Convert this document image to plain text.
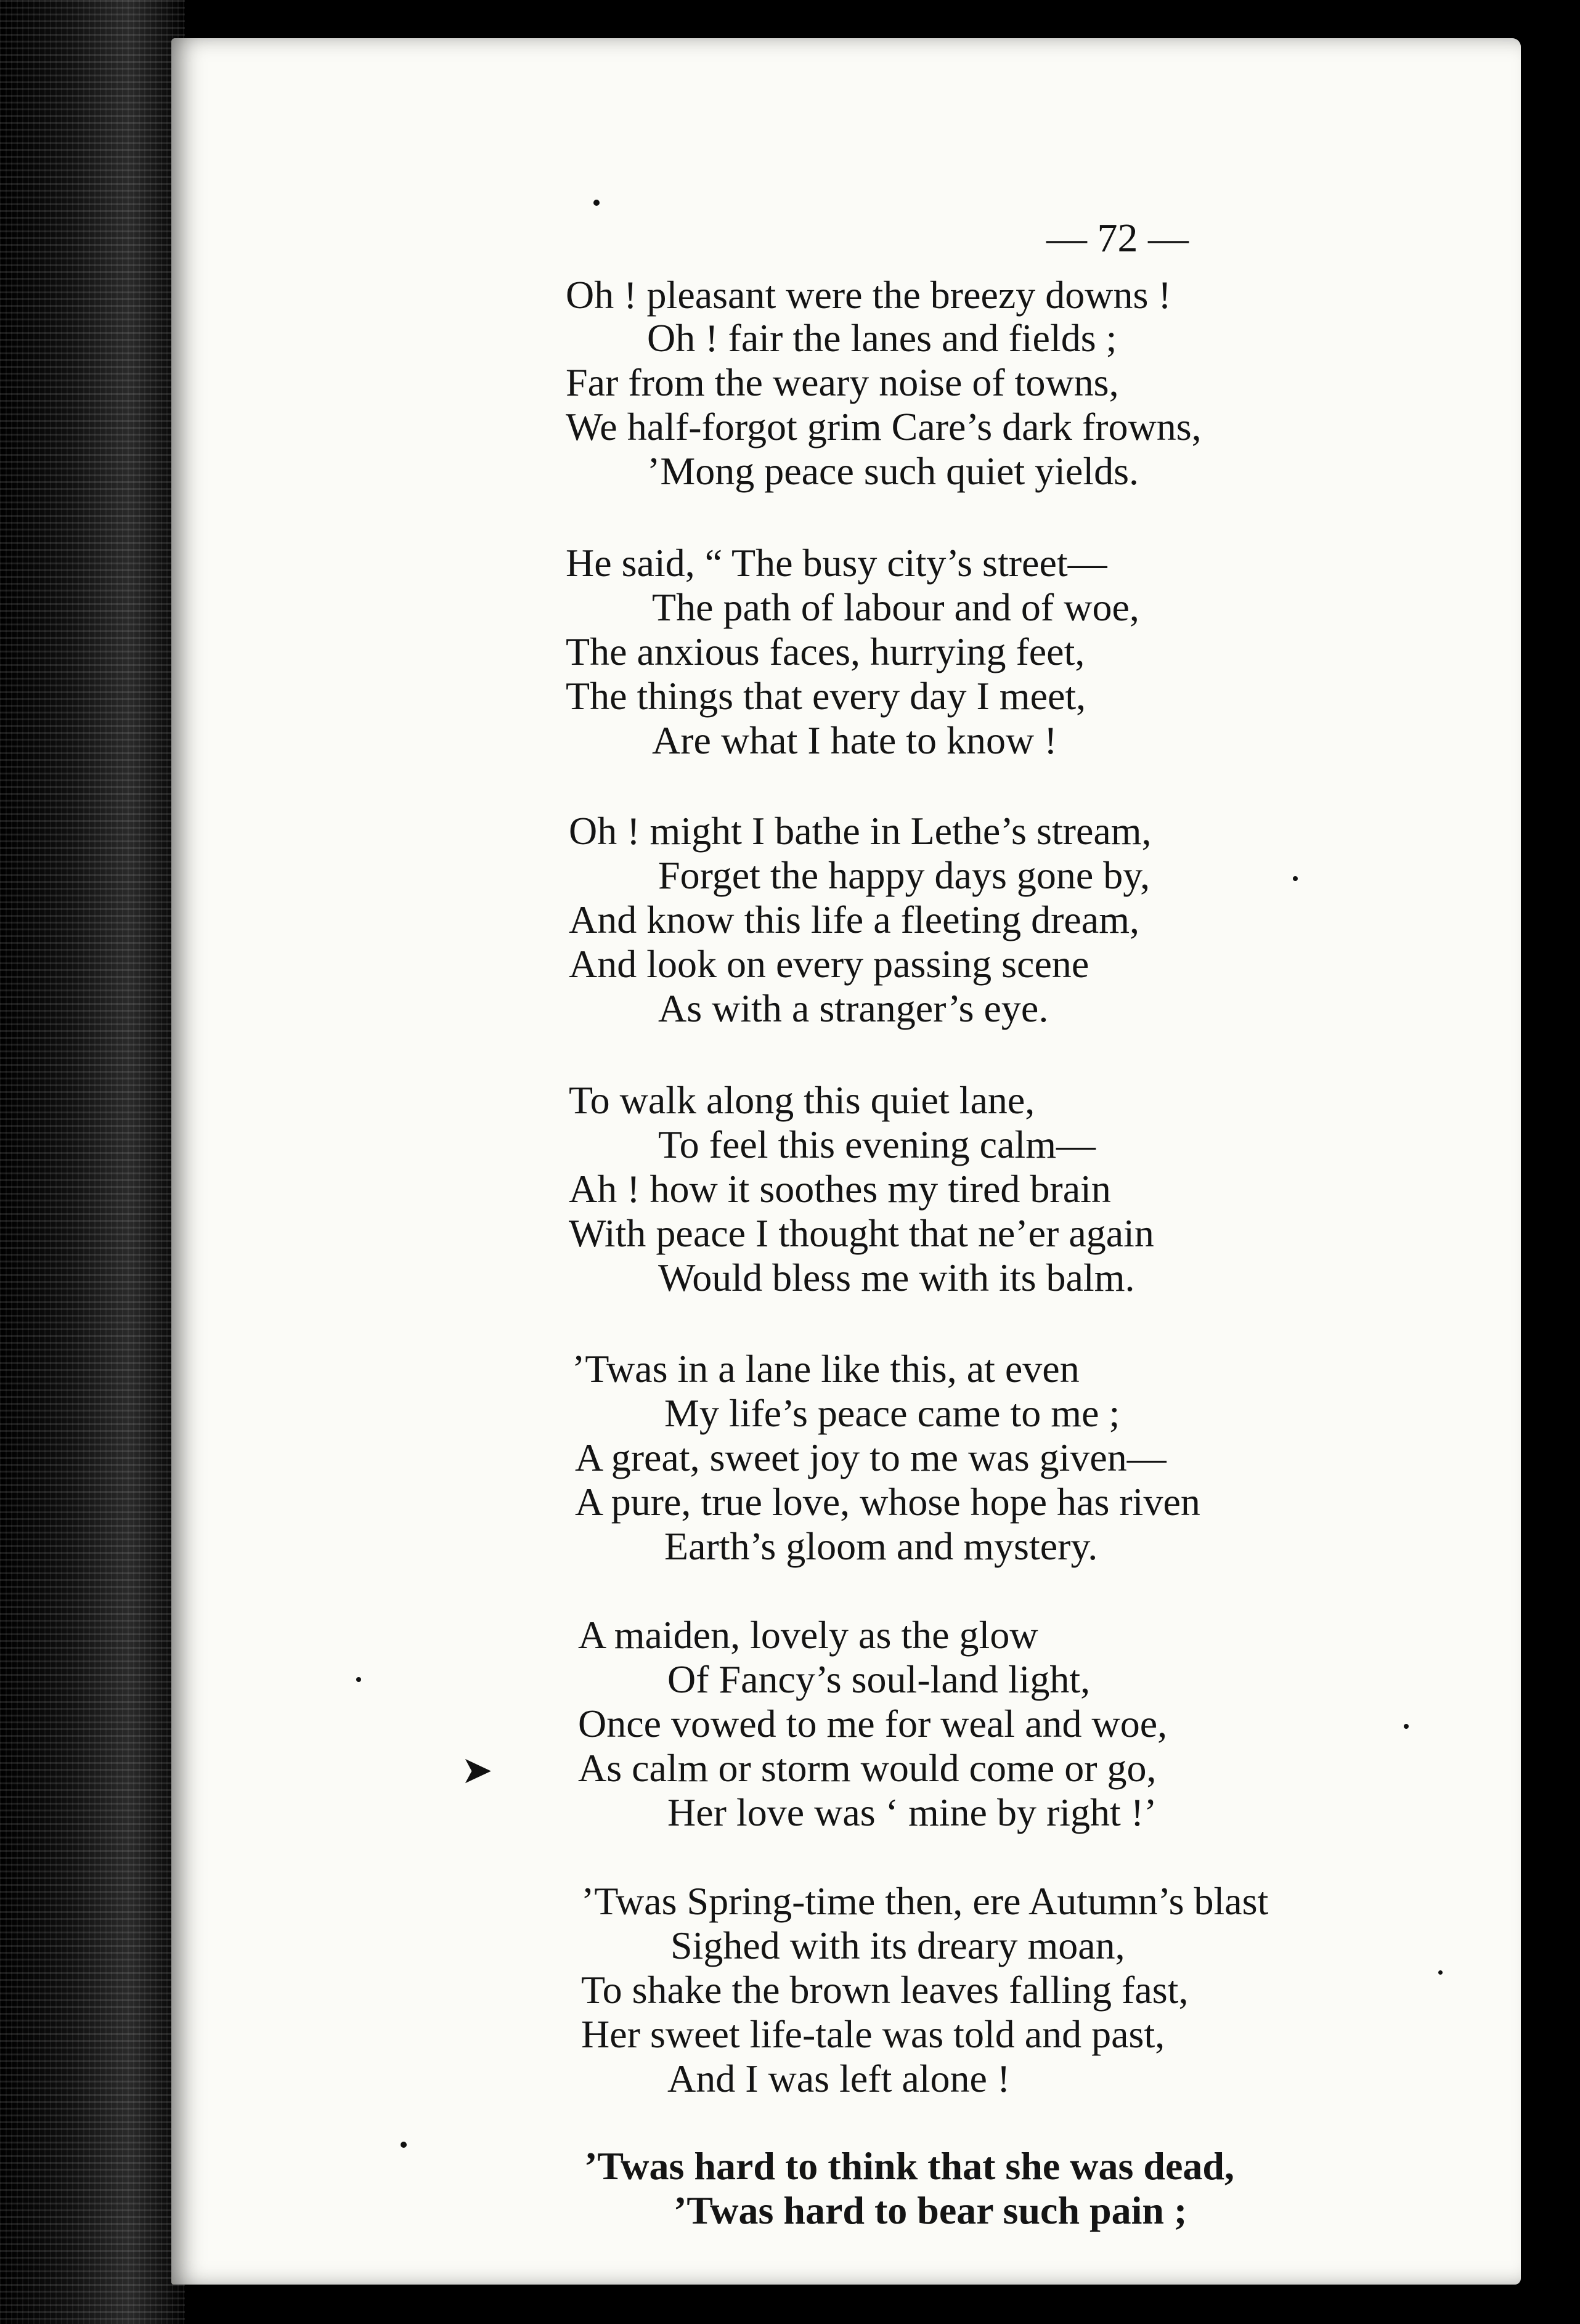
— 72 —
Oh ! pleasant were the breezy downs !
Oh ! fair the lanes and fields ;
Far from the weary noise of towns,
We half-forgot grim Care’s dark frowns,
’Mong peace such quiet yields.
He said, “ The busy city’s street—
The path of labour and of woe,
The anxious faces, hurrying feet,
The things that every day I meet,
Are what I hate to know !
Oh ! might I bathe in Lethe’s stream,
Forget the happy days gone by,
And know this life a fleeting dream,
And look on every passing scene
As with a stranger’s eye.
To walk along this quiet lane,
To feel this evening calm—
Ah ! how it soothes my tired brain
With peace I thought that ne’er again
Would bless me with its balm.
’Twas in a lane like this, at even
My life’s peace came to me ;
A great, sweet joy to me was given—
A pure, true love, whose hope has riven
Earth’s gloom and mystery.
A maiden, lovely as the glow
Of Fancy’s soul-land light,
Once vowed to me for weal and woe,
As calm or storm would come or go,
Her love was ‘ mine by right !’
’Twas Spring-time then, ere Autumn’s blast
Sighed with its dreary moan,
To shake the brown leaves falling fast,
Her sweet life-tale was told and past,
And I was left alone !
’Twas hard to think that she was dead,
’Twas hard to bear such pain ;
➤
